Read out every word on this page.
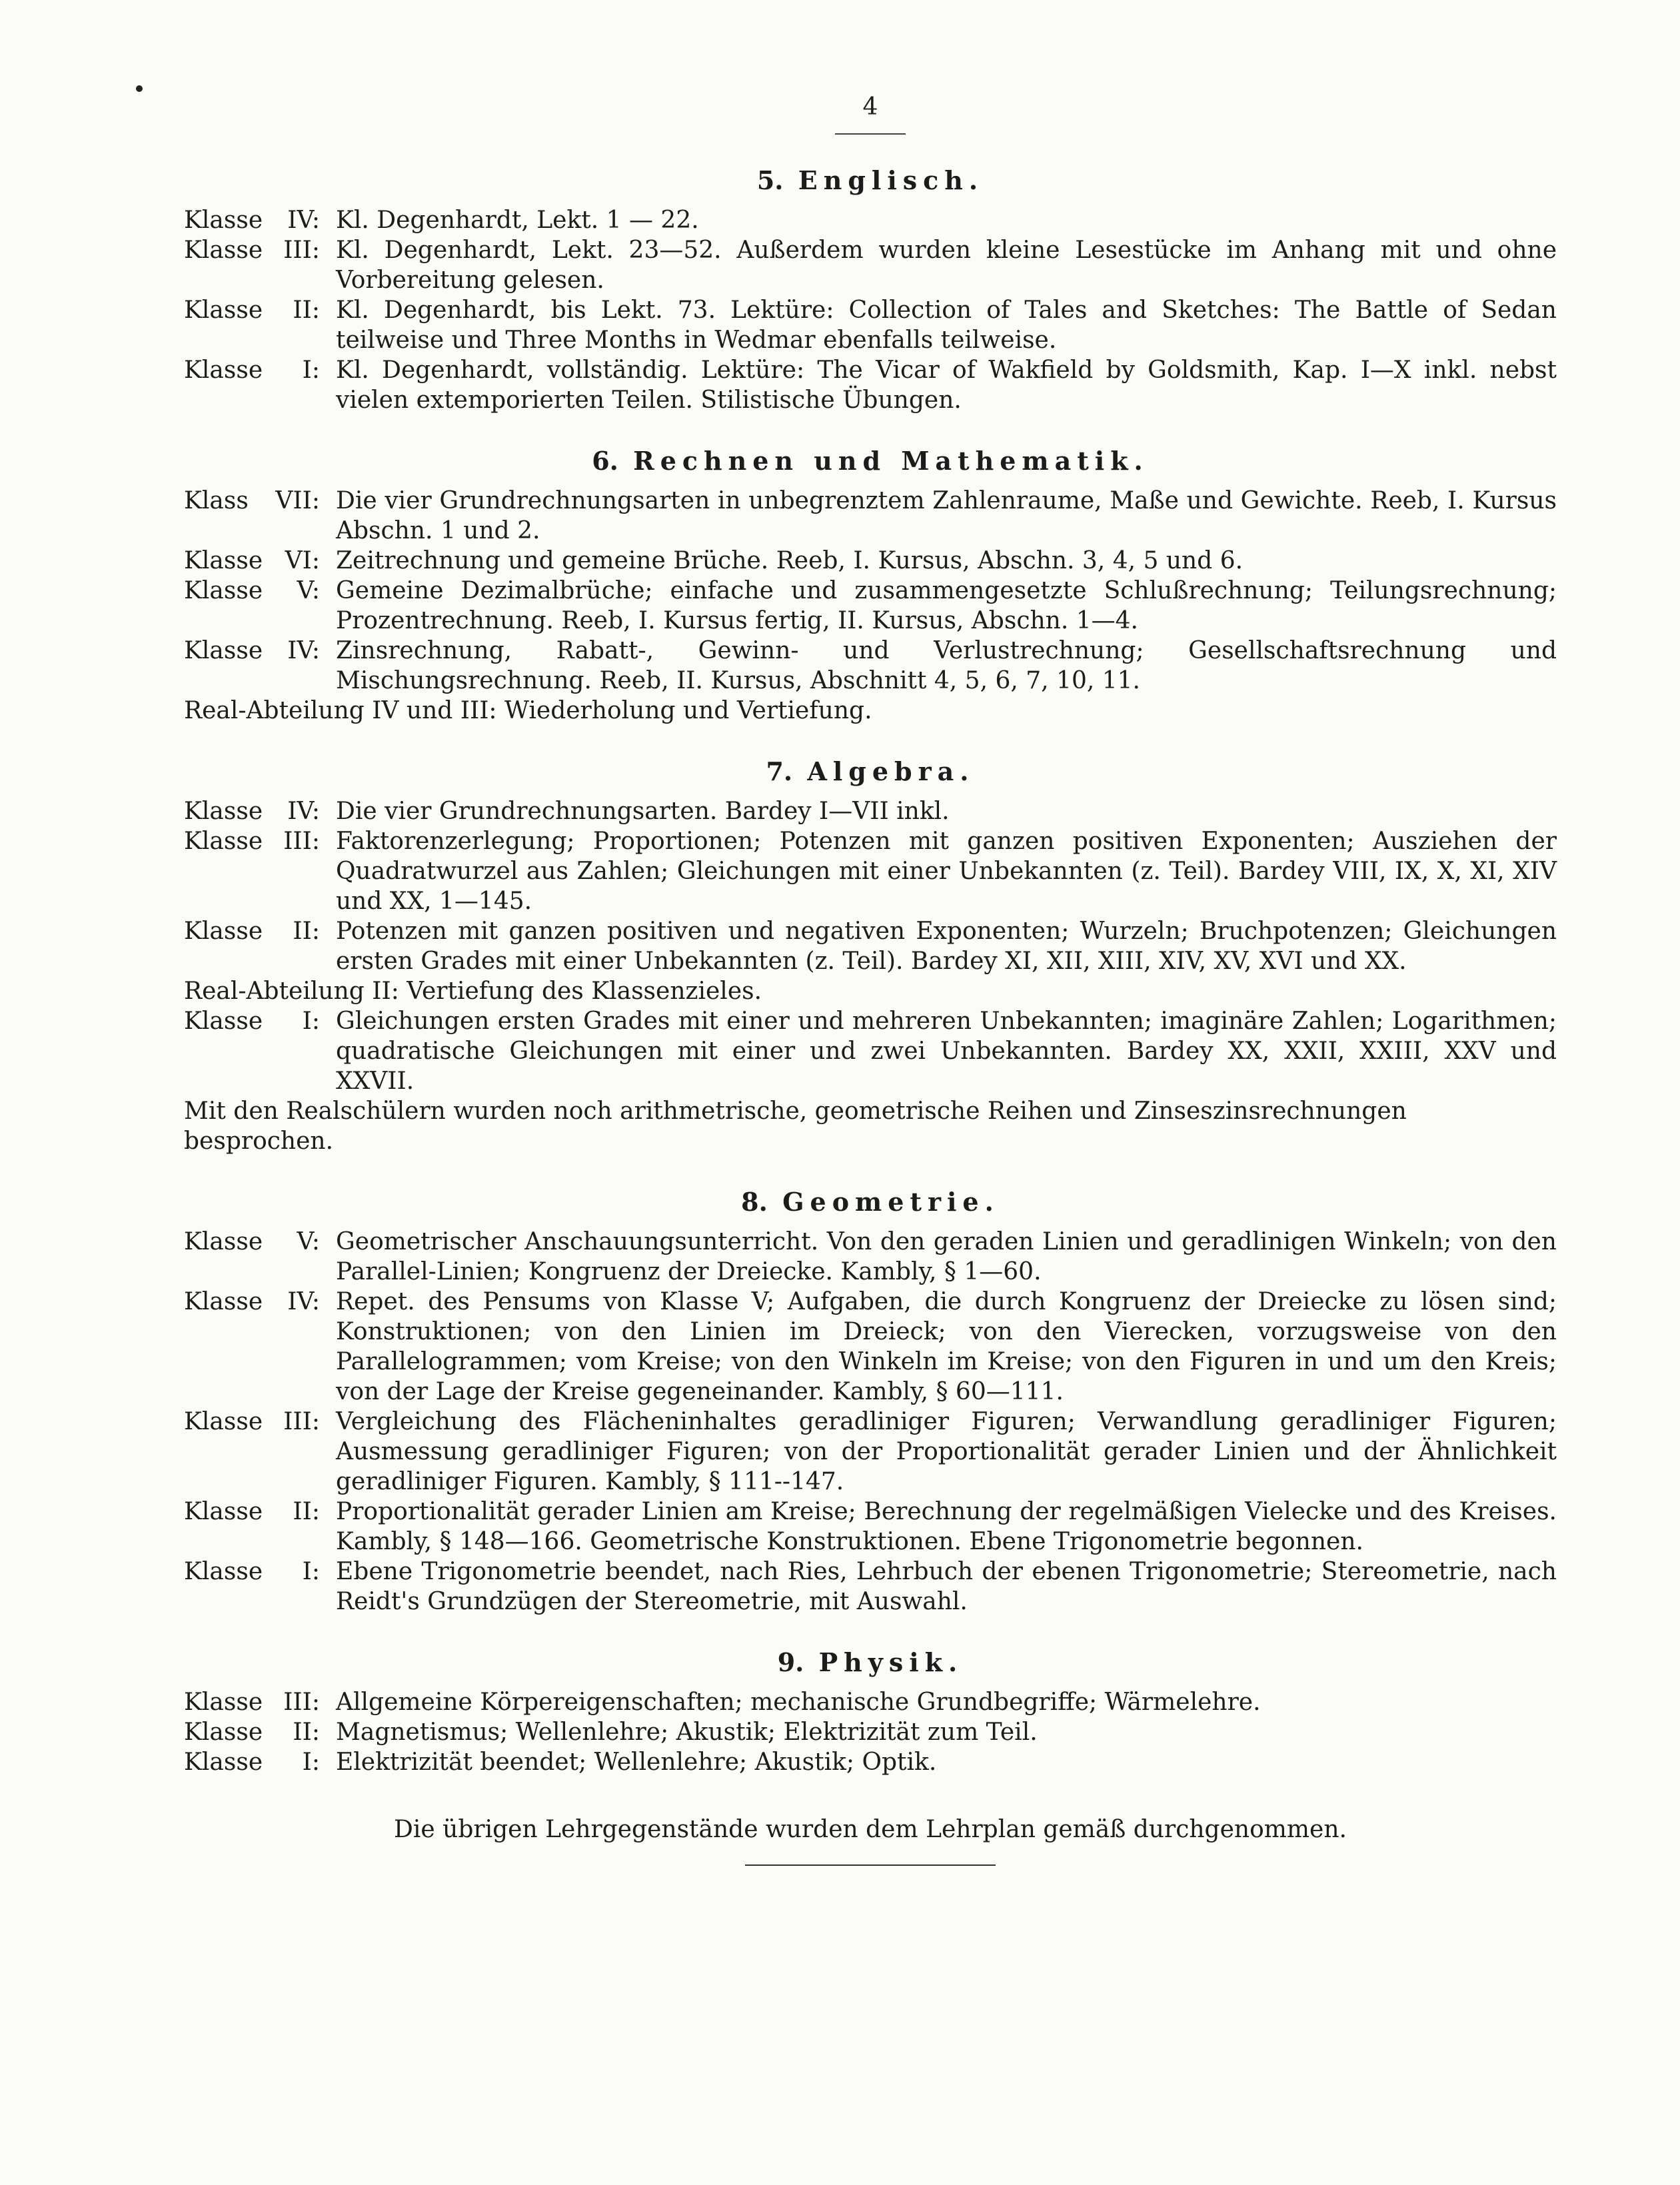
4
5. Englisch.
Klasse IV: Kl. Degenhardt, Lekt. 1 — 22.
Klasse III: Kl. Degenhardt, Lekt. 23—52. Außerdem wurden kleine Lesestücke im Anhang mit und ohne Vorbereitung gelesen.
Klasse II: Kl. Degenhardt, bis Lekt. 73. Lektüre: Collection of Tales and Sketches: The Battle of Sedan teilweise und Three Months in Wedmar ebenfalls teilweise.
Klasse I: Kl. Degenhardt, vollständig. Lektüre: The Vicar of Wakfield by Goldsmith, Kap. I—X inkl. nebst vielen extemporierten Teilen. Stilistische Übungen.
6. Rechnen und Mathematik.
Klass VII: Die vier Grundrechnungsarten in unbegrenztem Zahlenraume, Maße und Gewichte. Reeb, I. Kursus Abschn. 1 und 2.
Klasse VI: Zeitrechnung und gemeine Brüche. Reeb, I. Kursus, Abschn. 3, 4, 5 und 6.
Klasse V: Gemeine Dezimalbrüche; einfache und zusammengesetzte Schlußrechnung; Teilungsrechnung; Prozentrechnung. Reeb, I. Kursus fertig, II. Kursus, Abschn. 1—4.
Klasse IV: Zinsrechnung, Rabatt-, Gewinn- und Verlustrechnung; Gesellschaftsrechnung und Mischungsrechnung. Reeb, II. Kursus, Abschnitt 4, 5, 6, 7, 10, 11.

Real-Abteilung IV und III: Wiederholung und Vertiefung.

7. Algebra.
Klasse IV: Die vier Grundrechnungsarten. Bardey I—VII inkl.
Klasse III: Faktorenzerlegung; Proportionen; Potenzen mit ganzen positiven Exponenten; Ausziehen der Quadratwurzel aus Zahlen; Gleichungen mit einer Unbekannten (z. Teil). Bardey VIII, IX, X, XI, XIV und XX, 1—145.
Klasse II: Potenzen mit ganzen positiven und negativen Exponenten; Wurzeln; Bruchpotenzen; Gleichungen ersten Grades mit einer Unbekannten (z. Teil). Bardey XI, XII, XIII, XIV, XV, XVI und XX.

Real-Abteilung II: Vertiefung des Klassenzieles.

Klasse I: Gleichungen ersten Grades mit einer und mehreren Unbekannten; imaginäre Zahlen; Logarithmen; quadratische Gleichungen mit einer und zwei Unbekannten. Bardey XX, XXII, XXIII, XXV und XXVII.

Mit den Realschülern wurden noch arithmetrische, geometrische Reihen und Zinseszinsrechnungen besprochen.

8. Geometrie.
Klasse V: Geometrischer Anschauungsunterricht. Von den geraden Linien und geradlinigen Winkeln; von den Parallel-Linien; Kongruenz der Dreiecke. Kambly, § 1—60.
Klasse IV: Repet. des Pensums von Klasse V; Aufgaben, die durch Kongruenz der Dreiecke zu lösen sind; Konstruktionen; von den Linien im Dreieck; von den Vierecken, vorzugsweise von den Parallelogrammen; vom Kreise; von den Winkeln im Kreise; von den Figuren in und um den Kreis; von der Lage der Kreise gegeneinander. Kambly, § 60—111.
Klasse III: Vergleichung des Flächeninhaltes geradliniger Figuren; Verwandlung geradliniger Figuren; Ausmessung geradliniger Figuren; von der Proportionalität gerader Linien und der Ähnlichkeit geradliniger Figuren. Kambly, § 111--147.
Klasse II: Proportionalität gerader Linien am Kreise; Berechnung der regelmäßigen Vielecke und des Kreises. Kambly, § 148—166. Geometrische Konstruktionen. Ebene Trigonometrie begonnen.
Klasse I: Ebene Trigonometrie beendet, nach Ries, Lehrbuch der ebenen Trigonometrie; Stereometrie, nach Reidt's Grundzügen der Stereometrie, mit Auswahl.
9. Physik.
Klasse III: Allgemeine Körpereigenschaften; mechanische Grundbegriffe; Wärmelehre.
Klasse II: Magnetismus; Wellenlehre; Akustik; Elektrizität zum Teil.
Klasse I: Elektrizität beendet; Wellenlehre; Akustik; Optik.
Die übrigen Lehrgegenstände wurden dem Lehrplan gemäß durchgenommen.
